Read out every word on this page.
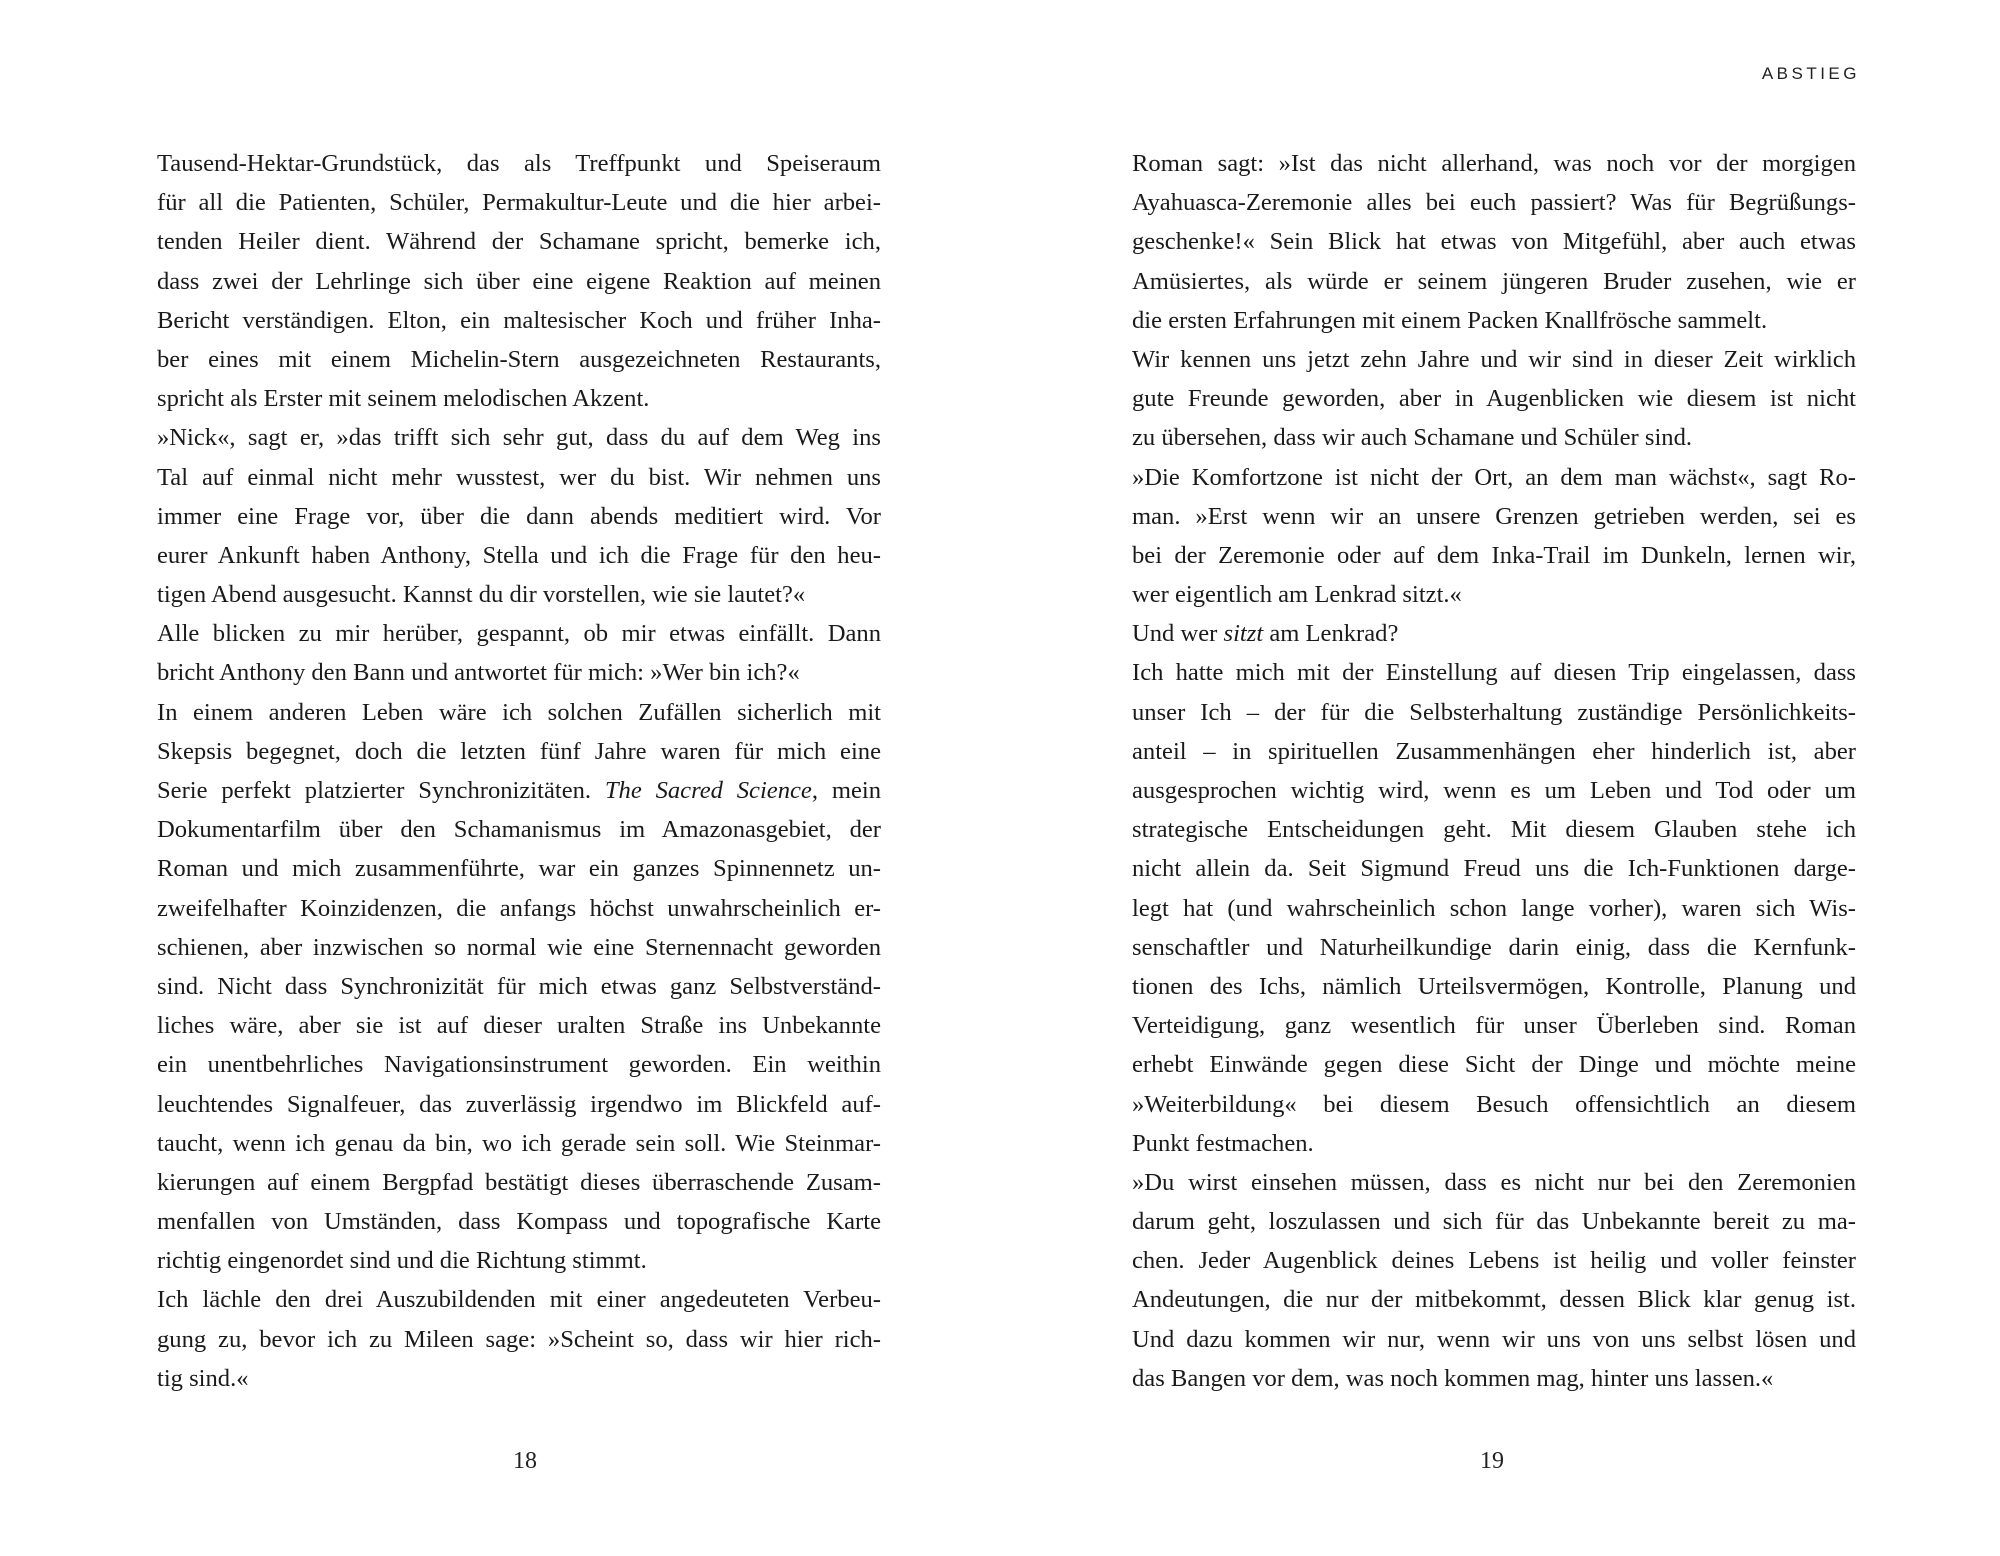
ABSTIEG
Tausend-Hektar-Grundstück, das als Treffpunkt und Speiseraum
für all die Patienten, Schüler, Permakultur-Leute und die hier arbei-
tenden Heiler dient. Während der Schamane spricht, bemerke ich,
dass zwei der Lehrlinge sich über eine eigene Reaktion auf meinen
Bericht verständigen. Elton, ein maltesischer Koch und früher Inha-
ber eines mit einem Michelin-Stern ausgezeichneten Restaurants,
spricht als Erster mit seinem melodischen Akzent.
»Nick«, sagt er, »das trifft sich sehr gut, dass du auf dem Weg ins
Tal auf einmal nicht mehr wusstest, wer du bist. Wir nehmen uns
immer eine Frage vor, über die dann abends meditiert wird. Vor
eurer Ankunft haben Anthony, Stella und ich die Frage für den heu-
tigen Abend ausgesucht. Kannst du dir vorstellen, wie sie lautet?«
Alle blicken zu mir herüber, gespannt, ob mir etwas einfällt. Dann
bricht Anthony den Bann und antwortet für mich: »Wer bin ich?«
In einem anderen Leben wäre ich solchen Zufällen sicherlich mit
Skepsis begegnet, doch die letzten fünf Jahre waren für mich eine
Serie perfekt platzierter Synchronizitäten. The Sacred Science, mein
Dokumentarfilm über den Schamanismus im Amazonasgebiet, der
Roman und mich zusammenführte, war ein ganzes Spinnennetz un-
zweifelhafter Koinzidenzen, die anfangs höchst unwahrscheinlich er-
schienen, aber inzwischen so normal wie eine Sternennacht geworden
sind. Nicht dass Synchronizität für mich etwas ganz Selbstverständ-
liches wäre, aber sie ist auf dieser uralten Straße ins Unbekannte
ein unentbehrliches Navigationsinstrument geworden. Ein weithin
leuchtendes Signalfeuer, das zuverlässig irgendwo im Blickfeld auf-
taucht, wenn ich genau da bin, wo ich gerade sein soll. Wie Steinmar-
kierungen auf einem Bergpfad bestätigt dieses überraschende Zusam-
menfallen von Umständen, dass Kompass und topografische Karte
richtig eingenordet sind und die Richtung stimmt.
Ich lächle den drei Auszubildenden mit einer angedeuteten Verbeu-
gung zu, bevor ich zu Mileen sage: »Scheint so, dass wir hier rich-
tig sind.«
Roman sagt: »Ist das nicht allerhand, was noch vor der morgigen
Ayahuasca-Zeremonie alles bei euch passiert? Was für Begrüßungs-
geschenke!« Sein Blick hat etwas von Mitgefühl, aber auch etwas
Amüsiertes, als würde er seinem jüngeren Bruder zusehen, wie er
die ersten Erfahrungen mit einem Packen Knallfrösche sammelt.
Wir kennen uns jetzt zehn Jahre und wir sind in dieser Zeit wirklich
gute Freunde geworden, aber in Augenblicken wie diesem ist nicht
zu übersehen, dass wir auch Schamane und Schüler sind.
»Die Komfortzone ist nicht der Ort, an dem man wächst«, sagt Ro-
man. »Erst wenn wir an unsere Grenzen getrieben werden, sei es
bei der Zeremonie oder auf dem Inka-Trail im Dunkeln, lernen wir,
wer eigentlich am Lenkrad sitzt.«
Und wer sitzt am Lenkrad?
Ich hatte mich mit der Einstellung auf diesen Trip eingelassen, dass
unser Ich – der für die Selbsterhaltung zuständige Persönlichkeits-
anteil – in spirituellen Zusammenhängen eher hinderlich ist, aber
ausgesprochen wichtig wird, wenn es um Leben und Tod oder um
strategische Entscheidungen geht. Mit diesem Glauben stehe ich
nicht allein da. Seit Sigmund Freud uns die Ich-Funktionen darge-
legt hat (und wahrscheinlich schon lange vorher), waren sich Wis-
senschaftler und Naturheilkundige darin einig, dass die Kernfunk-
tionen des Ichs, nämlich Urteilsvermögen, Kontrolle, Planung und
Verteidigung, ganz wesentlich für unser Überleben sind. Roman
erhebt Einwände gegen diese Sicht der Dinge und möchte meine
»Weiterbildung« bei diesem Besuch offensichtlich an diesem
Punkt festmachen.
»Du wirst einsehen müssen, dass es nicht nur bei den Zeremonien
darum geht, loszulassen und sich für das Unbekannte bereit zu ma-
chen. Jeder Augenblick deines Lebens ist heilig und voller feinster
Andeutungen, die nur der mitbekommt, dessen Blick klar genug ist.
Und dazu kommen wir nur, wenn wir uns von uns selbst lösen und
das Bangen vor dem, was noch kommen mag, hinter uns lassen.«
18	19
